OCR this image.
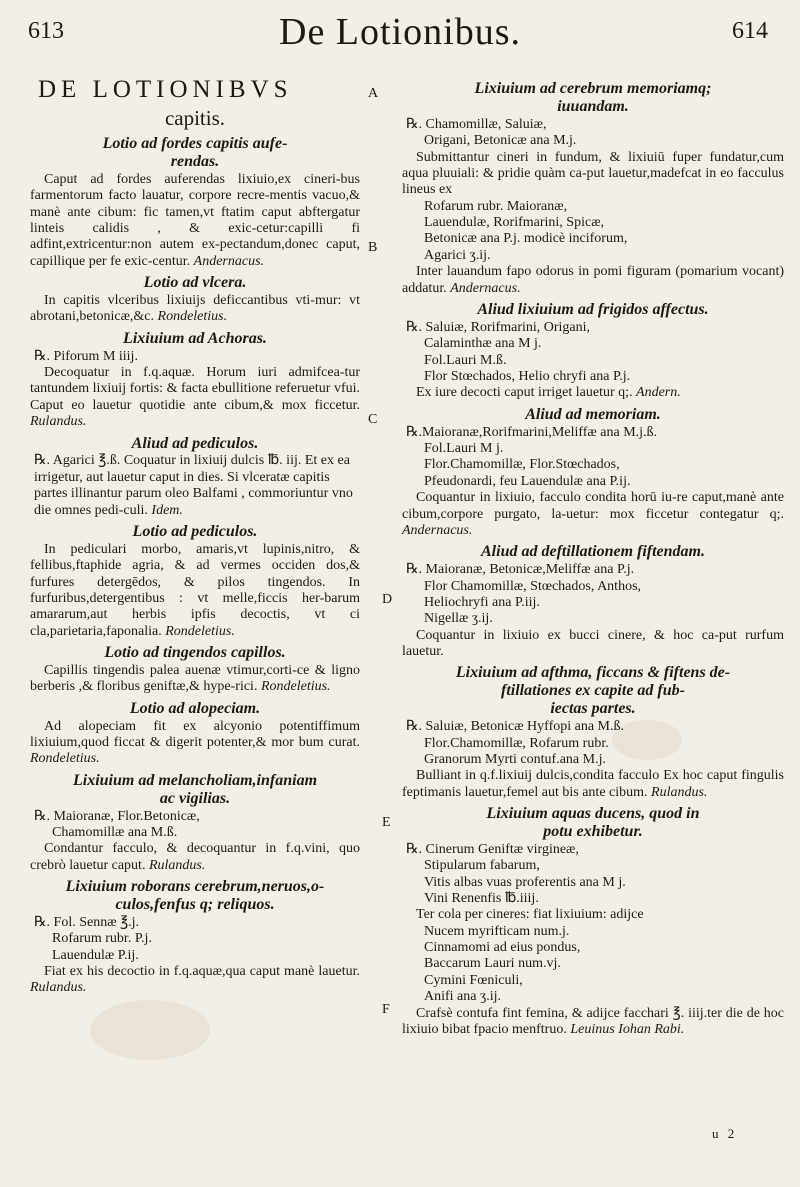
613	De Lotionibus.	614
DE LOTIONIBVS
capitis.
Lotio ad fordes capitis aufe-
rendas.

Caput ad fordes auferendas lixiuio,ex cineri-bus farmentorum facto lauatur, corpore recre-mentis vacuo,& manè ante cibum: fic tamen,vt ftatim caput abftergatur linteis calidis , & exic-cetur:capilli fi adfint,extricentur:non autem ex-pectandum,donec caput, capillique per fe exic-centur. Andernacus.

Lotio ad vlcera.

In capitis vlceribus lixiuijs deficcantibus vti-mur: vt abrotani,betonicæ,&c. Rondeletius.

Lixiuium ad Achoras.

℞. Piforum M iiij.

Decoquatur in f.q.aquæ. Horum iuri admifcea-tur tantundem lixiuij fortis: & facta ebullitione referuetur vfui. Caput eo lauetur quotidie ante cibum,& mox ficcetur. Rulandus.

Aliud ad pediculos.

℞. Agarici ℥.ß. Coquatur in lixiuij dulcis ℔. iij. Et ex ea irrigetur, aut lauetur caput in dies. Si vlceratæ capitis partes illinantur parum oleo Balfami , commoriuntur vno die omnes pedi-culi. Idem.

Lotio ad pediculos.

In pediculari morbo, amaris,vt lupinis,nitro, & fellibus,ftaphide agria, & ad vermes occiden dos,& furfures detergēdos, & pilos tingendos. In furfuribus,detergentibus : vt melle,ficcis her-barum amararum,aut herbis ipfis decoctis, vt ci cla,parietaria,faponalia. Rondeletius.

Lotio ad tingendos capillos.

Capillis tingendis palea auenæ vtimur,corti-ce & ligno berberis ,& floribus geniftæ,& hype-rici. Rondeletius.

Lotio ad alopeciam.

Ad alopeciam fit ex alcyonio potentiffimum lixiuium,quod ficcat & digerit potenter,& mor bum curat. Rondeletius.

Lixiuium ad melancholiam,infaniam
ac vigilias.

℞. Maioranæ, Flor.Betonicæ,

Chamomillæ ana M.ß.

Condantur facculo, & decoquantur in f.q.vini, quo crebrò lauetur caput. Rulandus.

Lixiuium roborans cerebrum,neruos,o-
culos,fenfus q; reliquos.

℞. Fol. Sennæ ℥.j.

Rofarum rubr. P.j.

Lauendulæ P.ij.

Fiat ex his decoctio in f.q.aquæ,qua caput manè lauetur. Rulandus.

Lixiuium ad cerebrum memoriamq;
iuuandam.

℞. Chamomillæ, Saluiæ,

Origani, Betonicæ ana M.j.

Submittantur cineri in fundum, & lixiuiū fuper fundatur,cum aqua pluuiali: & pridie quàm ca-put lauetur,madefcat in eo facculus lineus ex

Rofarum rubr. Maioranæ,

Lauendulæ, Rorifmarini, Spicæ,

Betonicæ ana P.j. modicè inciforum,

Agarici ʒ.ij.

Inter lauandum fapo odorus in pomi figuram (pomarium vocant) addatur. Andernacus.

Aliud lixiuium ad frigidos affectus.

℞. Saluiæ, Rorifmarini, Origani,

Calaminthæ ana M j.

Fol.Lauri M.ß.

Flor Stœchados, Helio chryfi ana P.j.

Ex iure decocti caput irriget lauetur q;. Andern.

Aliud ad memoriam.

℞.Maioranæ,Rorifmarini,Meliffæ ana M.j.ß.

Fol.Lauri M j.

Flor.Chamomillæ, Flor.Stœchados,

Pfeudonardi, feu Lauendulæ ana P.ij.

Coquantur in lixiuio, facculo condita horū iu-re caput,manè ante cibum,corpore purgato, la-uetur: mox ficcetur contegatur q;. Andernacus.

Aliud ad deftillationem fiftendam.

℞. Maioranæ, Betonicæ,Meliffæ ana P.j.

Flor Chamomillæ, Stœchados, Anthos,

Heliochryfi ana P.iij.

Nigellæ ʒ.ij.

Coquantur in lixiuio ex bucci cinere, & hoc ca-put rurfum lauetur.

Lixiuium ad afthma, ficcans & fiftens de-
ftillationes ex capite ad fub-
iectas partes.

℞. Saluiæ, Betonicæ Hyffopi ana M.ß.

Flor.Chamomillæ, Rofarum rubr.

Granorum Myrti contuf.ana M.j.

Bulliant in q.f.lixiuij dulcis,condita facculo Ex hoc caput fingulis feptimanis lauetur,femel aut bis ante cibum. Rulandus.

Lixiuium aquas ducens, quod in
potu exhibetur.

℞. Cinerum Geniftæ virgineæ,

Stipularum fabarum,

Vitis albas vuas proferentis ana M j.

Vini Renenfis ℔.iiij.

Ter cola per cineres: fiat lixiuium: adijce

Nucem myrifticam num.j.

Cinnamomi ad eius pondus,

Baccarum Lauri num.vj.

Cymini Fœniculi,

Anifi ana ʒ.ij.

Crafsè contufa fint femina, & adijce facchari ℥. iiij.ter die de hoc lixiuio bibat fpacio menftruo. Leuinus Iohan Rabi.

A
B
C
D
E
F
u 2
